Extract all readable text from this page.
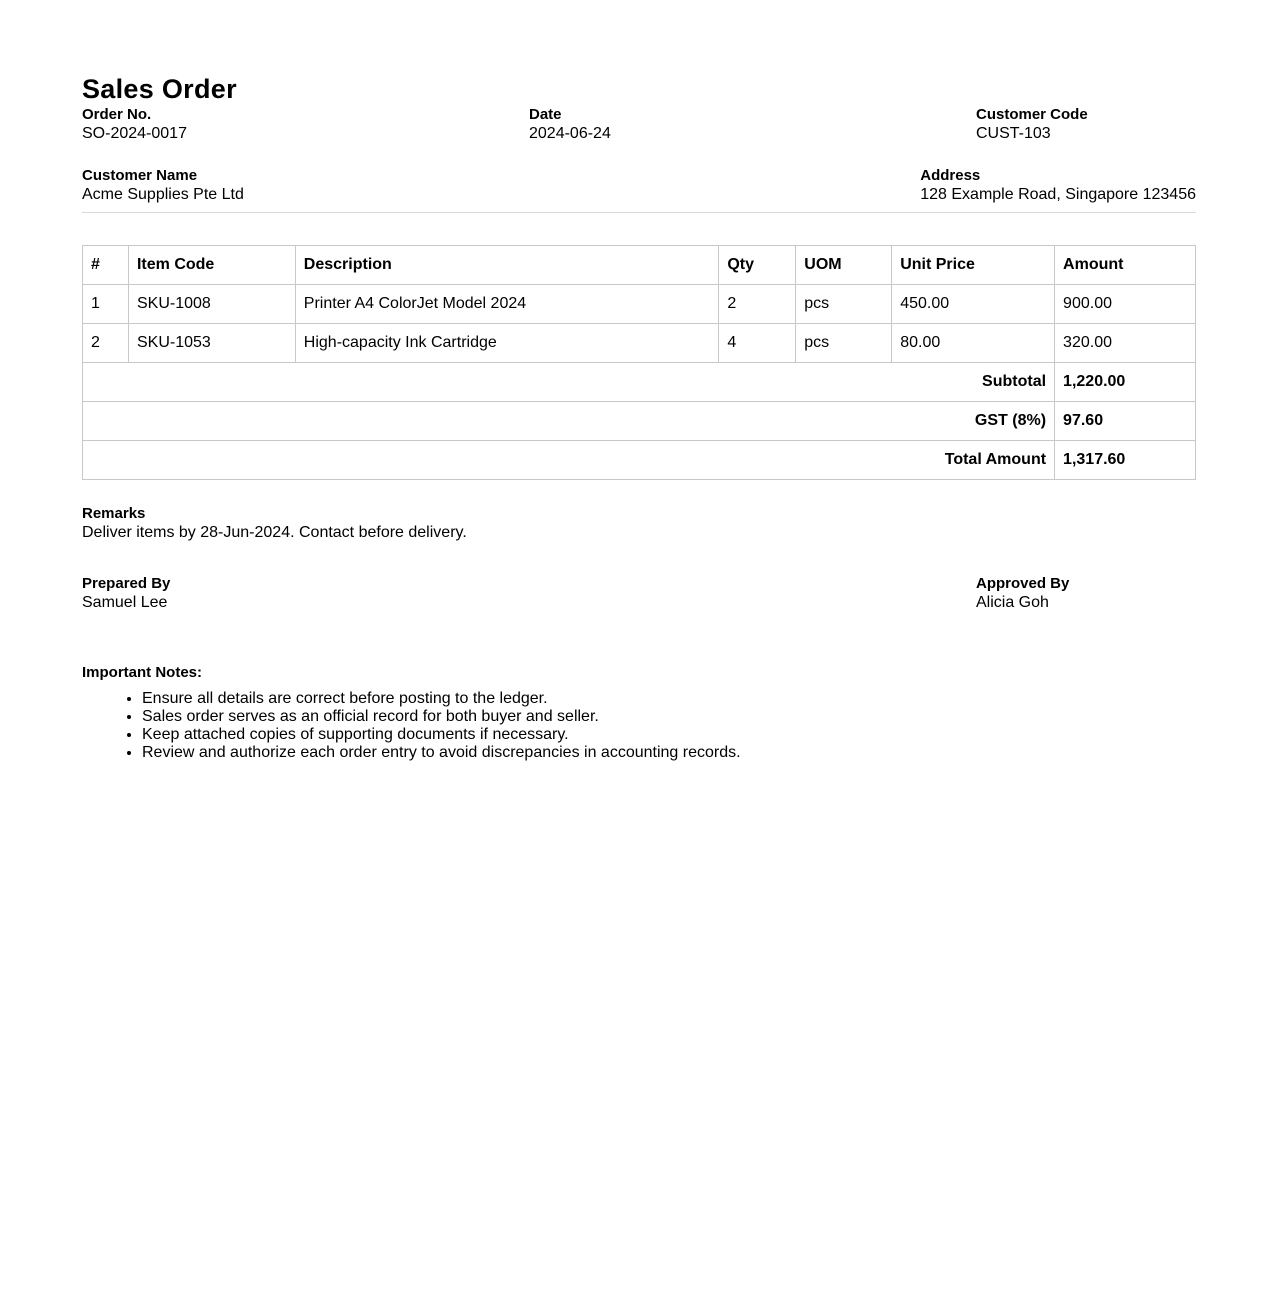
Sales Order
Order No.
SO-2024-0017
Date
2024-06-24
Customer Code
CUST-103
Customer Name
Acme Supplies Pte Ltd
Address
128 Example Road, Singapore 123456
#	Item Code	Description	Qty	UOM	Unit Price	Amount
1	SKU-1008	Printer A4 ColorJet Model 2024	2	pcs	450.00	900.00
2	SKU-1053	High-capacity Ink Cartridge	4	pcs	80.00	320.00
Subtotal						1,220.00
GST (8%)						97.60
Total Amount						1,317.60
Remarks
Deliver items by 28-Jun-2024. Contact before delivery.
Prepared By
Samuel Lee
Approved By
Alicia Goh
Important Notes:
• Ensure all details are correct before posting to the ledger.
• Sales order serves as an official record for both buyer and seller.
• Keep attached copies of supporting documents if necessary.
• Review and authorize each order entry to avoid discrepancies in accounting records.
